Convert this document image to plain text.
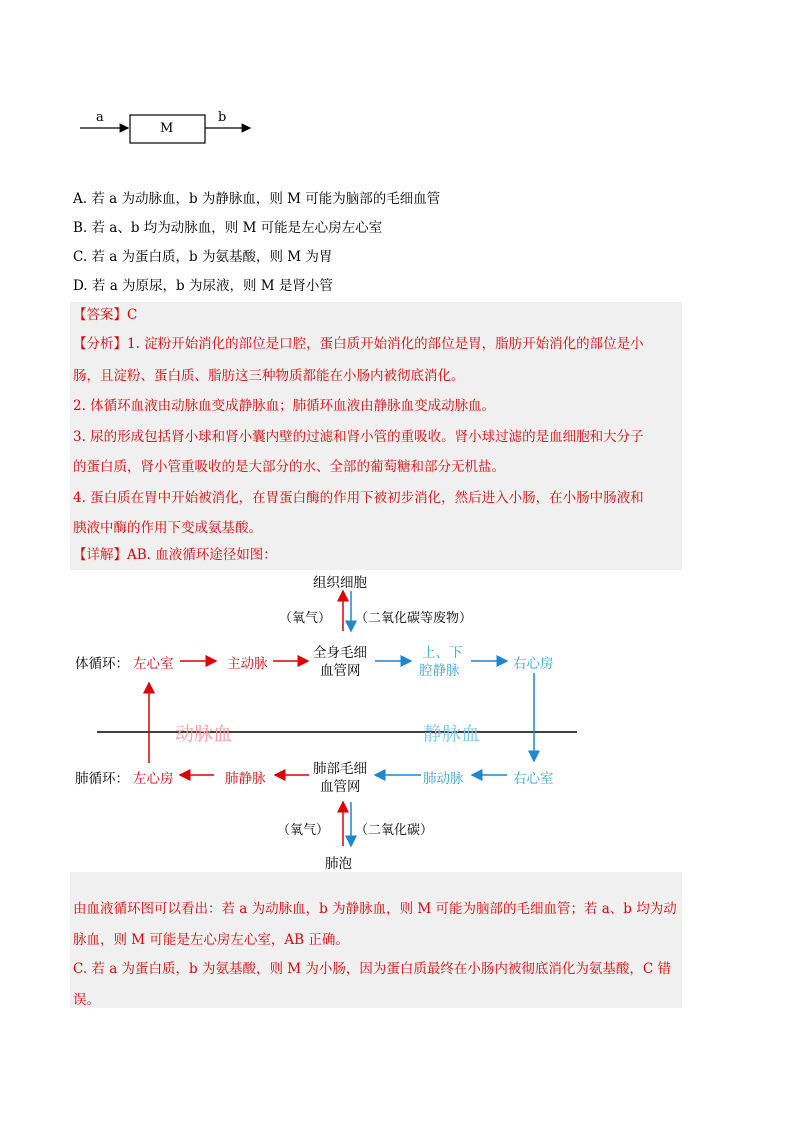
a
M
b
A. 若 a 为动脉血，b 为静脉血，则 M 可能为脑部的毛细血管
B. 若 a、b 均为动脉血，则 M 可能是左心房左心室
C. 若 a 为蛋白质，b 为氨基酸，则 M 为胃
D. 若 a 为原尿，b 为尿液，则 M 是肾小管
【答案】C
【分析】1. 淀粉开始消化的部位是口腔，蛋白质开始消化的部位是胃，脂肪开始消化的部位是小
肠，且淀粉、蛋白质、脂肪这三种物质都能在小肠内被彻底消化。
2. 体循环血液由动脉血变成静脉血；肺循环血液由静脉血变成动脉血。
3. 尿的形成包括肾小球和肾小囊内壁的过滤和肾小管的重吸收。肾小球过滤的是血细胞和大分子
的蛋白质，肾小管重吸收的是大部分的水、全部的葡萄糖和部分无机盐。
4. 蛋白质在胃中开始被消化，在胃蛋白酶的作用下被初步消化，然后进入小肠，在小肠中肠液和
胰液中酶的作用下变成氨基酸。
【详解】AB. 血液循环途径如图：
组织细胞
（氧气） （二氧化碳等废物）
体循环： 左心室	主动脉
全身毛细
血管网
上、下
腔静脉	右心房
动脉血	静脉血
肺循环： 左心房	肺静脉
肺部毛细
血管网	肺动脉	右心室
（氧气） （二氧化碳）
肺泡
由血液循环图可以看出：若 a 为动脉血，b 为静脉血，则 M 可能为脑部的毛细血管；若 a、b 均为动
脉血，则 M 可能是左心房左心室，AB 正确。
C. 若 a 为蛋白质，b 为氨基酸，则 M 为小肠，因为蛋白质最终在小肠内被彻底消化为氨基酸，C 错
误。
